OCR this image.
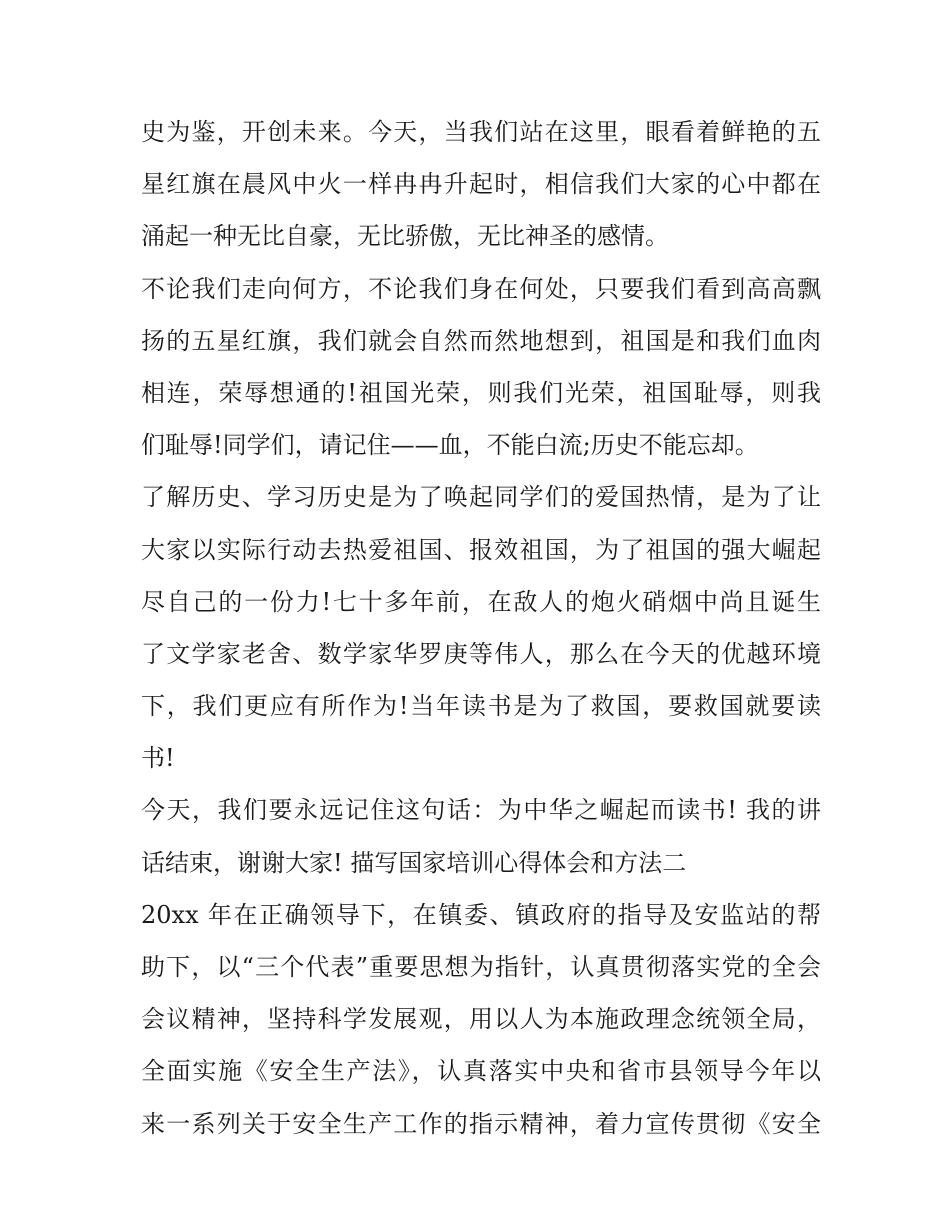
史为鉴，开创未来。今天，当我们站在这里，眼看着鲜艳的五
星红旗在晨风中火一样冉冉升起时，相信我们大家的心中都在
涌起一种无比自豪，无比骄傲，无比神圣的感情。
不论我们走向何方，不论我们身在何处，只要我们看到高高飘
扬的五星红旗，我们就会自然而然地想到，祖国是和我们血肉
相连，荣辱想通的!祖国光荣，则我们光荣，祖国耻辱，则我
们耻辱!同学们，请记住——血，不能白流;历史不能忘却。
了解历史、学习历史是为了唤起同学们的爱国热情，是为了让
大家以实际行动去热爱祖国、报效祖国，为了祖国的强大崛起
尽自己的一份力!七十多年前，在敌人的炮火硝烟中尚且诞生
了文学家老舍、数学家华罗庚等伟人，那么在今天的优越环境
下，我们更应有所作为!当年读书是为了救国，要救国就要读
书!
今天，我们要永远记住这句话：为中华之崛起而读书! 我的讲
话结束，谢谢大家! 描写国家培训心得体会和方法二
20xx 年在正确领导下，在镇委、镇政府的指导及安监站的帮
助下，以“三个代表”重要思想为指针，认真贯彻落实党的全会
会议精神，坚持科学发展观，用以人为本施政理念统领全局，
全面实施《安全生产法》，认真落实中央和省市县领导今年以
来一系列关于安全生产工作的指示精神，着力宣传贯彻《安全
